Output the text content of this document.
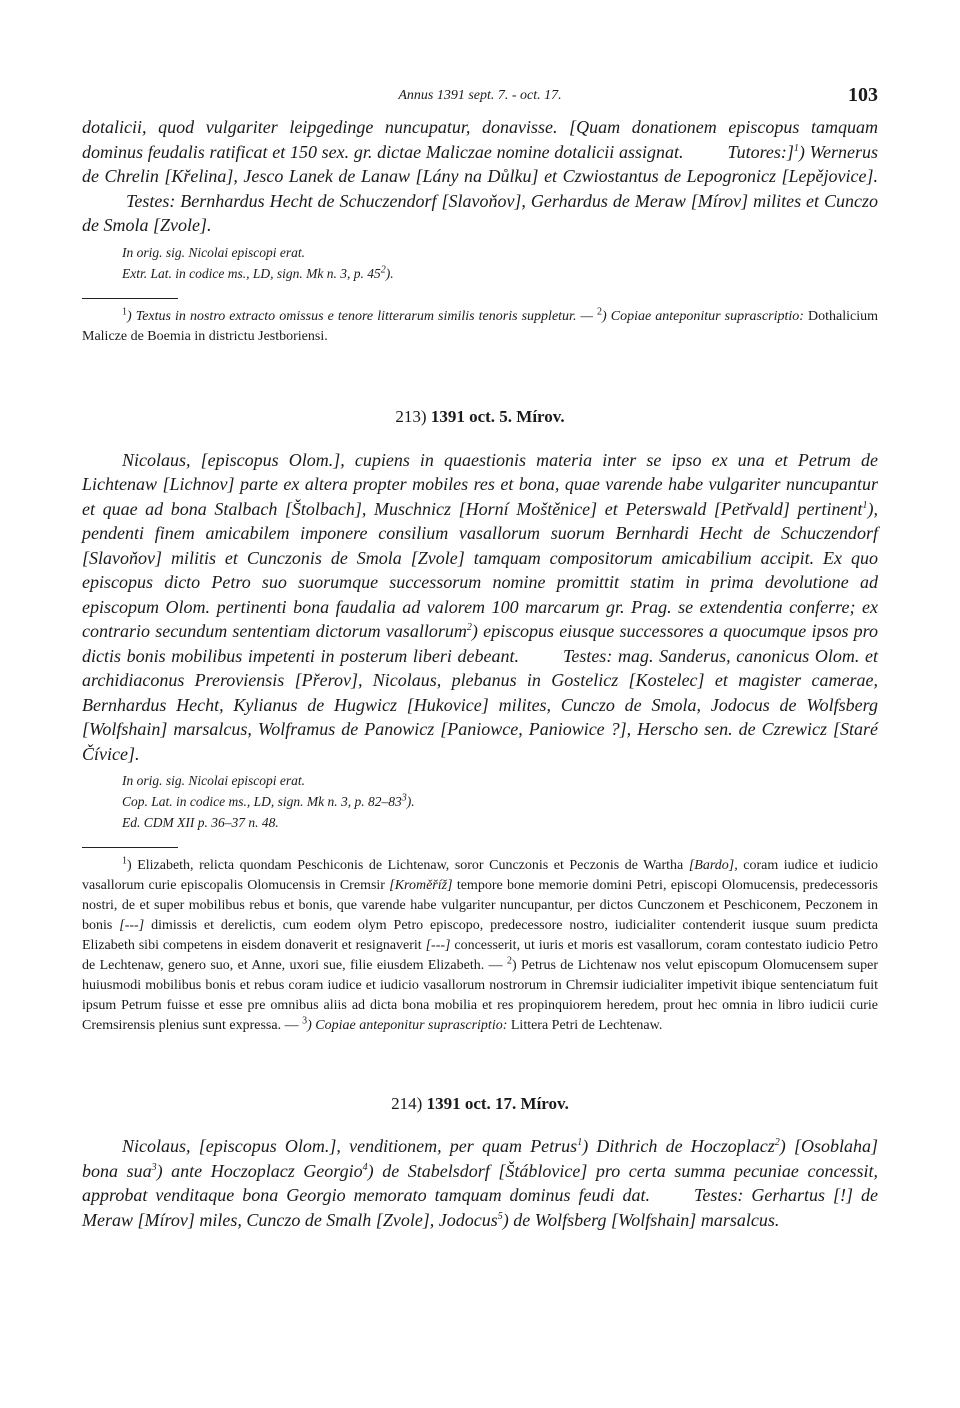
Annus 1391 sept. 7. - oct. 17.	103

dotalicii, quod vulgariter leipgedinge nuncupatur, donavisse. [Quam donationem episcopus tamquam dominus feudalis ratificat et 150 sex. gr. dictae Maliczae nomine dotalicii assignat. Tutores:]$^1$) Wernerus de Chrelin [Křelina], Jesco Lanek de Lanaw [Lány na Důlku] et Czwiostantus de Lepogronicz [Lepějovice].Testes: Bernhardus Hecht de Schuczendorf [Slavoňov], Gerhardus de Meraw [Mírov] milites et Cunczo de Smola [Zvole].

In orig. sig. Nicolai episcopi erat.

Extr. Lat. in codice ms., LD, sign. Mk n. 3, p. $45^2$).

$^1$) Textus in nostro extracto omissus e tenore litterarum similis tenoris suppletur. — $^2$) Copiae anteponitur suprascriptio: Dothalicium Malicze de Boemia in districtu Jestboriensi.

213) 1391 oct. 5. Mírov.

Nicolaus, [episcopus Olom.], cupiens in quaestionis materia inter se ipso ex una et Petrum de Lichtenaw [Lichnov] parte ex altera propter mobiles res et bona, quae varende habe vulgariter nuncupantur et quae ad bona Stalbach [Štolbach], Muschnicz [Horní Moštěnice] et Peterswald [Petřvald] pertinent$^1$), pendenti finem amicabilem imponere consilium vasallorum suorum Bernhardi Hecht de Schuczendorf [Slavoňov] militis et Cunczonis de Smola [Zvole] tamquam compositorum amicabilium accipit. Ex quo episcopus dicto Petro suo suorumque successorum nomine promittit statim in prima devolutione ad episcopum Olom. pertinenti bona faudalia ad valorem 100 marcarum gr. Prag. se extendentia conferre; ex contrario secundum sententiam dictorum vasallorum$^2$) episcopus eiusque successores a quocumque ipsos pro dictis bonis mobilibus impetenti in posterum liberi debeant. Testes: mag. Sanderus, canonicus Olom. et archidiaconus Preroviensis [Přerov], Nicolaus, plebanus in Gostelicz [Kostelec] et magister camerae, Bernhardus Hecht, Kylianus de Hugwicz [Hukovice] milites, Cunczo de Smola, Jodocus de Wolfsberg [Wolfshain] marsalcus, Wolframus de Panowicz [Paniowce, Paniowice ?], Herscho sen. de Czrewicz [Staré Čívice].

In orig. sig. Nicolai episcopi erat.

Cop. Lat. in codice ms., LD, sign. Mk n. 3, p. $82-83^3$).

Ed. CDM XII p. 36–37 n. 48.

$^1$) Elizabeth, relicta quondam Peschiconis de Lichtenaw, soror Cunczonis et Peczonis de Wartha [Bardo], coram iudice et iudicio vasallorum curie episcopalis Olomucensis in Cremsir [Kroměříž] tempore bone memorie domini Petri, episcopi Olomucensis, predecessoris nostri, de et super mobilibus rebus et bonis, que varende habe vulgariter nuncupantur, per dictos Cunczonem et Peschiconem, Peczonem in bonis [---] dimissis et derelictis, cum eodem olym Petro episcopo, predecessore nostro, iudicialiter contenderit iusque suum predicta Elizabeth sibi competens in eisdem donaverit et resignaverit [---] concesserit, ut iuris et moris est vasallorum, coram contestato iudicio Petro de Lechtenaw, genero suo, et Anne, uxori sue, filie eiusdem Elizabeth. — $^2$) Petrus de Lichtenaw nos velut episcopum Olomucensem super huiusmodi mobilibus bonis et rebus coram iudice et iudicio vasallorum nostrorum in Chremsir iudicialiter impetivit ibique sentenciatum fuit ipsum Petrum fuisse et esse pre omnibus aliis ad dicta bona mobilia et res propinquiorem heredem, prout hec omnia in libro iudicii curie Cremsirensis plenius sunt expressa. — $^3$) Copiae anteponitur suprascriptio: Littera Petri de Lechtenaw.

214) 1391 oct. 17. Mírov.

Nicolaus, [episcopus Olom.], venditionem, per quam Petrus$^1$) Dithrich de Hoczoplacz$^2$) [Osoblaha] bona sua$^3$) ante Hoczoplacz Georgio$^4$) de Stabelsdorf [Štáblovice] pro certa summa pecuniae concessit, approbat venditaque bona Georgio memorato tamquam dominus feudi dat. Testes: Gerhartus [!] de Meraw [Mírov] miles, Cunczo de Smalh [Zvole], Jodocus$^5$) de Wolfsberg [Wolfshain] marsalcus.
